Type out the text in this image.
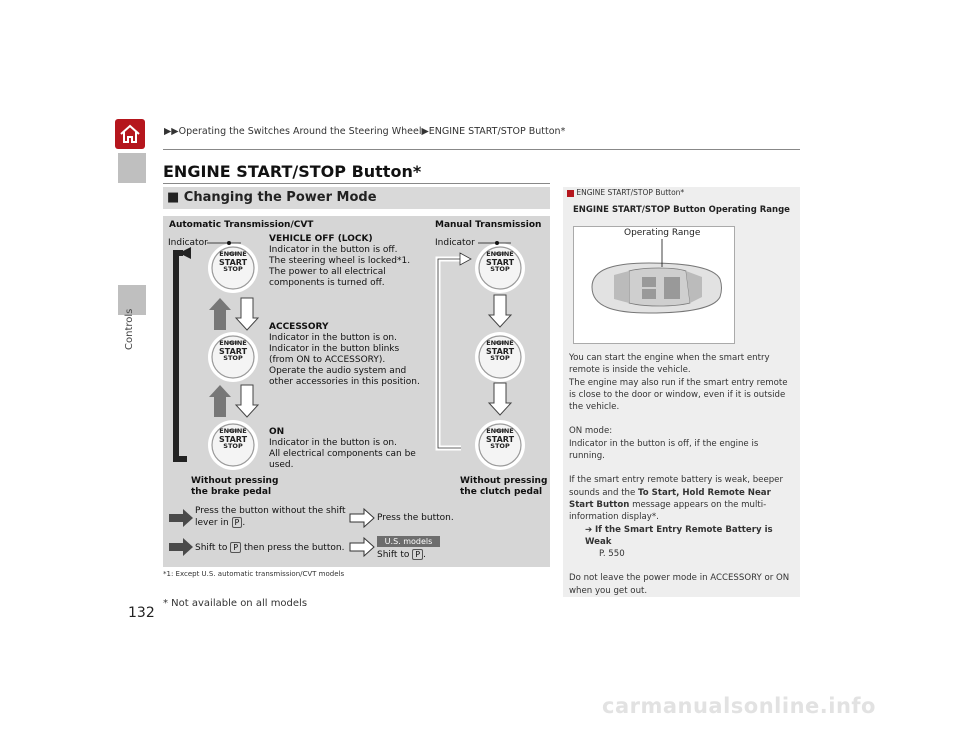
Controls
▶▶Operating the Switches Around the Steering Wheel▶ENGINE START/STOP Button*
ENGINE START/STOP Button*
■ Changing the Power Mode
ENGINE
START
STOP
ENGINE
START
STOP
ENGINE
START
STOP
ENGINE
START
STOP
ENGINE
START
STOP
ENGINE
START
STOP
Automatic Transmission/CVT	Manual Transmission
Indicator	Indicator
VEHICLE OFF (LOCK)
Indicator in the button is off.
The steering wheel is locked*1.
The power to all electrical
components is turned off.
ACCESSORY
Indicator in the button is on.
Indicator in the button blinks
(from ON to ACCESSORY).
Operate the audio system and
other accessories in this position.
ON
Indicator in the button is on.
All electrical components can be
used.
Without pressing
the brake pedal
Without pressing
the clutch pedal
Press the button without the shift
lever in P .	Press the button.
Shift to P then press the button.
Shift to P .
U.S. models
*1: Except U.S. automatic transmission/CVT models
ENGINE START/STOP Button*
ENGINE START/STOP Button Operating Range
Operating Range

You can start the engine when the smart entry remote is inside the vehicle.

The engine may also run if the smart entry remote is close to the door or window, even if it is outside the vehicle.

ON mode:

Indicator in the button is off, if the engine is running.

If the smart entry remote battery is weak, beeper sounds and the To Start, Hold Remote Near Start Button message appears on the multi-information display*.

➔ If the Smart Entry Remote Battery is Weak

P. 550

Do not leave the power mode in ACCESSORY or ON when you get out.

132
* Not available on all models
carmanualsonline.info
